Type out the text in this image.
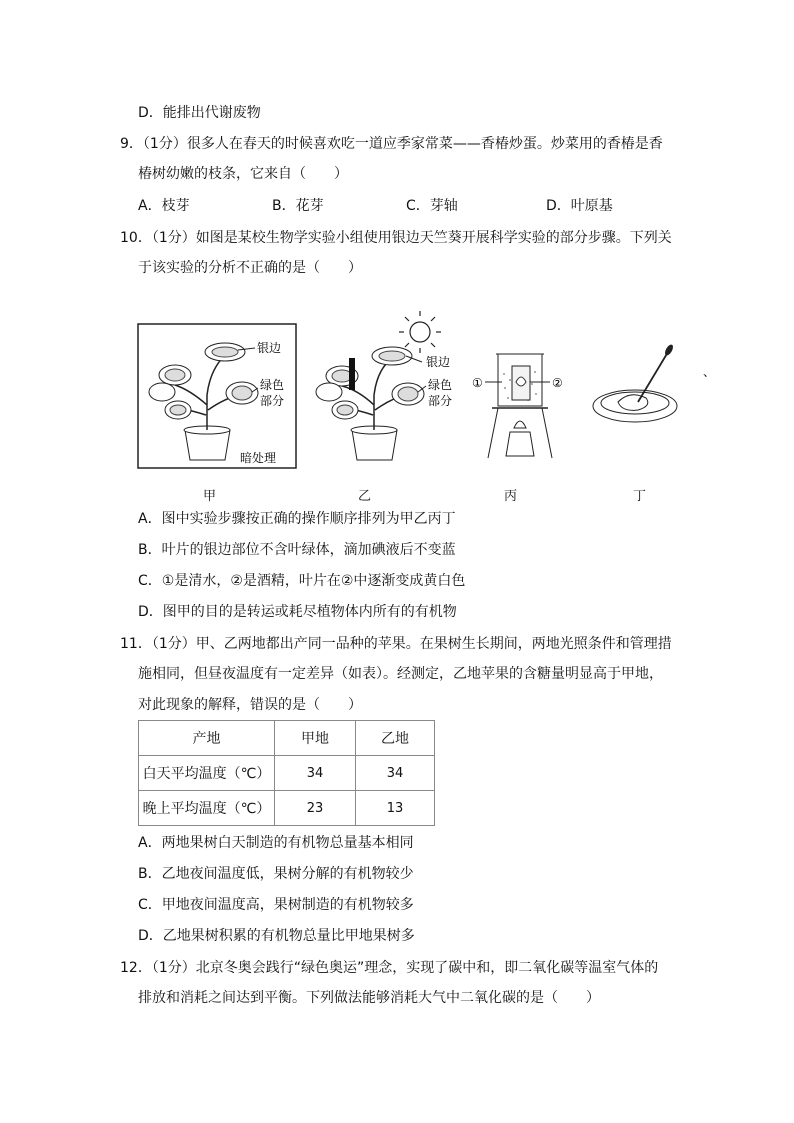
D．能排出代谢废物
9．（1分）很多人在春天的时候喜欢吃一道应季家常菜——香椿炒蛋。炒菜用的香椿是香
椿树幼嫩的枝条，它来自（　　）
A．枝芽	B．花芽	C．芽轴	D．叶原基
10．（1分）如图是某校生物学实验小组使用银边天竺葵开展科学实验的部分步骤。下列关
于该实验的分析不正确的是（　　）
银边
绿色
部分
暗处理
银边
绿色
部分
①	②
、
甲	乙	丙	丁
A．图中实验步骤按正确的操作顺序排列为甲乙丙丁
B．叶片的银边部位不含叶绿体，滴加碘液后不变蓝
C．①是清水，②是酒精，叶片在②中逐渐变成黄白色
D．图甲的目的是转运或耗尽植物体内所有的有机物
11．（1分）甲、乙两地都出产同一品种的苹果。在果树生长期间，两地光照条件和管理措
施相同，但昼夜温度有一定差异（如表）。经测定，乙地苹果的含糖量明显高于甲地，
对此现象的解释，错误的是（　　）
产地	甲地	乙地
白天平均温度（℃）	34	34
晚上平均温度（℃）	23	13
A．两地果树白天制造的有机物总量基本相同
B．乙地夜间温度低，果树分解的有机物较少
C．甲地夜间温度高，果树制造的有机物较多
D．乙地果树积累的有机物总量比甲地果树多
12．（1分）北京冬奥会践行“绿色奥运”理念，实现了碳中和，即二氧化碳等温室气体的
排放和消耗之间达到平衡。下列做法能够消耗大气中二氧化碳的是（　　）
